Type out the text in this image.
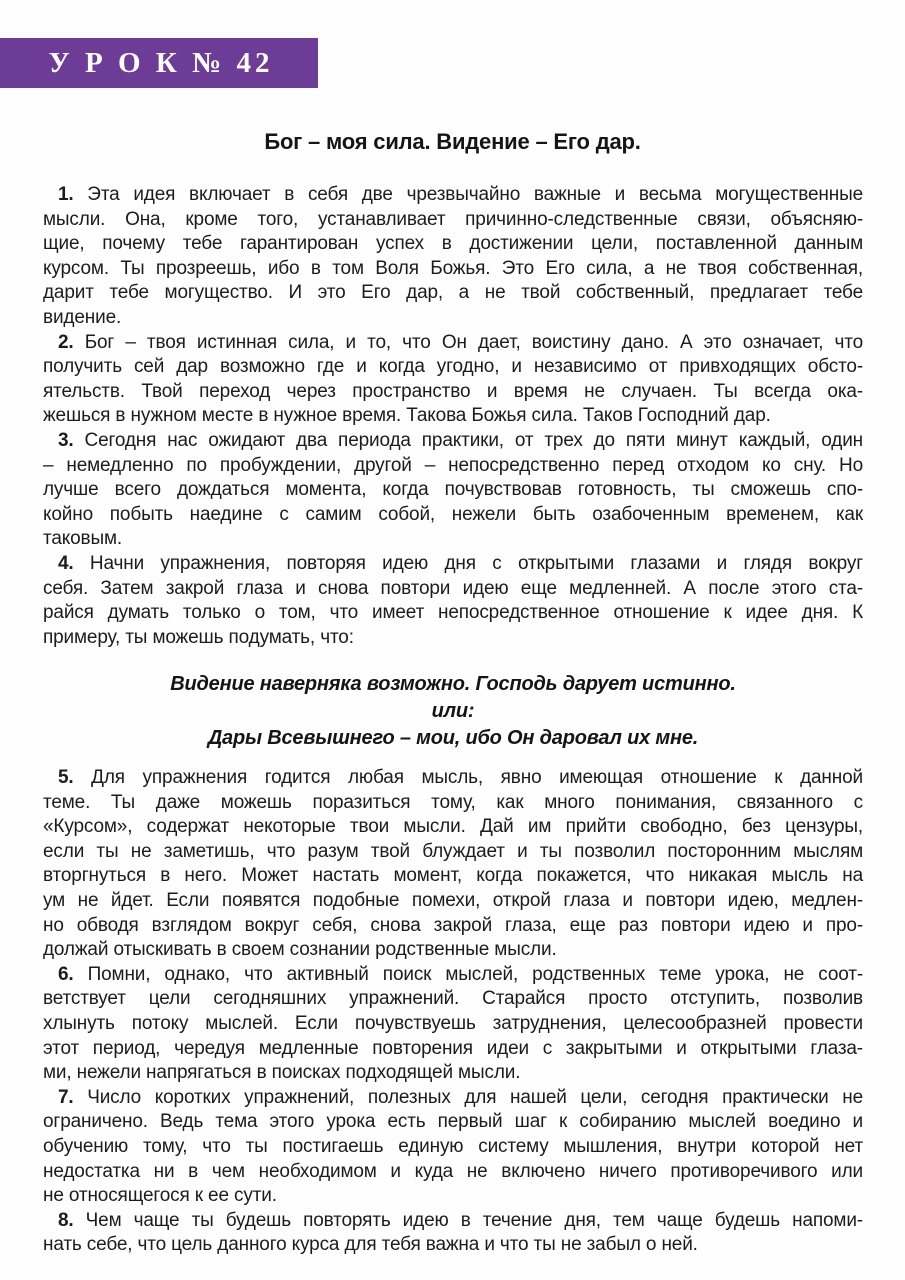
У Р О К № 42
Бог – моя сила. Видение – Его дар.
1. Эта идея включает в себя две чрезвычайно важные и весьма могущественные
мысли. Она, кроме того, устанавливает причинно-следственные связи, объясняю-
щие, почему тебе гарантирован успех в достижении цели, поставленной данным
курсом. Ты прозреешь, ибо в том Воля Божья. Это Его сила, а не твоя собственная,
дарит тебе могущество. И это Его дар, а не твой собственный, предлагает тебе
видение.
2. Бог – твоя истинная сила, и то, что Он дает, воистину дано. А это означает, что
получить сей дар возможно где и когда угодно, и независимо от привходящих обсто-
ятельств. Твой переход через пространство и время не случаен. Ты всегда ока-
жешься в нужном месте в нужное время. Такова Божья сила. Таков Господний дар.
3. Сегодня нас ожидают два периода практики, от трех до пяти минут каждый, один
– немедленно по пробуждении, другой – непосредственно перед отходом ко сну. Но
лучше всего дождаться момента, когда почувствовав готовность, ты сможешь спо-
койно побыть наедине с самим собой, нежели быть озабоченным временем, как
таковым.
4. Начни упражнения, повторяя идею дня с открытыми глазами и глядя вокруг
себя. Затем закрой глаза и снова повтори идею еще медленней. А после этого ста-
райся думать только о том, что имеет непосредственное отношение к идее дня. К
примеру, ты можешь подумать, что:
Видение наверняка возможно. Господь дарует истинно.
или:
Дары Всевышнего – мои, ибо Он даровал их мне.
5. Для упражнения годится любая мысль, явно имеющая отношение к данной
теме. Ты даже можешь поразиться тому, как много понимания, связанного с
«Курсом», содержат некоторые твои мысли. Дай им прийти свободно, без цензуры,
если ты не заметишь, что разум твой блуждает и ты позволил посторонним мыслям
вторгнуться в него. Может настать момент, когда покажется, что никакая мысль на
ум не йдет. Если появятся подобные помехи, открой глаза и повтори идею, медлен-
но обводя взглядом вокруг себя, снова закрой глаза, еще раз повтори идею и про-
должай отыскивать в своем сознании родственные мысли.
6. Помни, однако, что активный поиск мыслей, родственных теме урока, не соот-
ветствует цели сегодняшних упражнений. Старайся просто отступить, позволив
хлынуть потоку мыслей. Если почувствуешь затруднения, целесообразней провести
этот период, чередуя медленные повторения идеи с закрытыми и открытыми глаза-
ми, нежели напрягаться в поисках подходящей мысли.
7. Число коротких упражнений, полезных для нашей цели, сегодня практически не
ограничено. Ведь тема этого урока есть первый шаг к собиранию мыслей воедино и
обучению тому, что ты постигаешь единую систему мышления, внутри которой нет
недостатка ни в чем необходимом и куда не включено ничего противоречивого или
не относящегося к ее сути.
8. Чем чаще ты будешь повторять идею в течение дня, тем чаще будешь напоми-
нать себе, что цель данного курса для тебя важна и что ты не забыл о ней.
